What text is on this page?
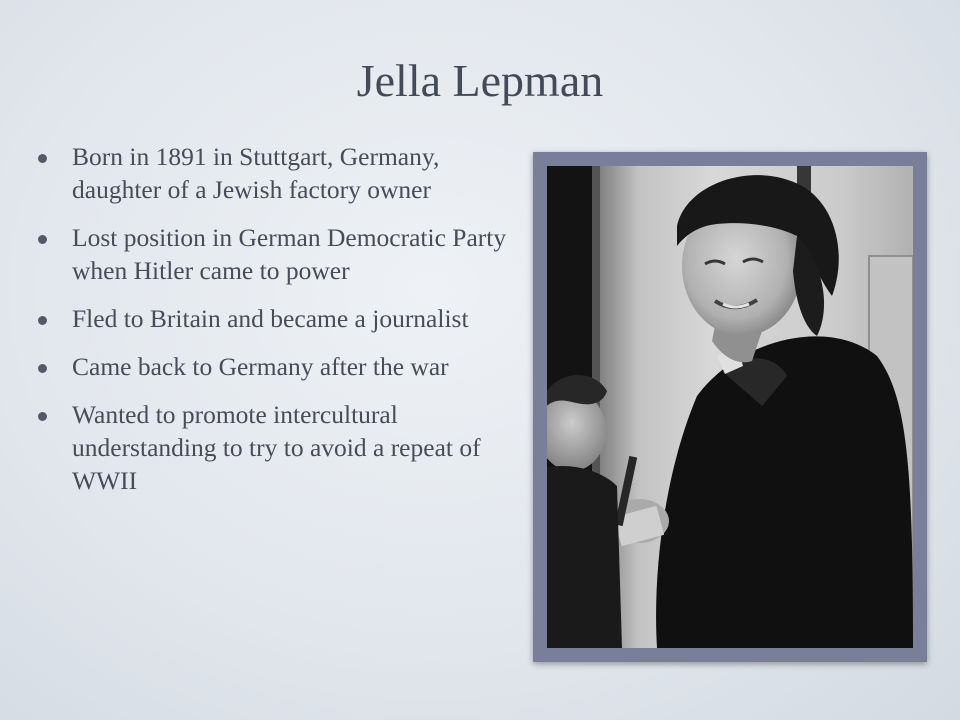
Jella Lepman
Born in 1891 in Stuttgart, Germany, daughter of a Jewish factory owner
Lost position in German Democratic Party when Hitler came to power
Fled to Britain and became a journalist
Came back to Germany after the war
Wanted to promote intercultural understanding to try to avoid a repeat of WWII
